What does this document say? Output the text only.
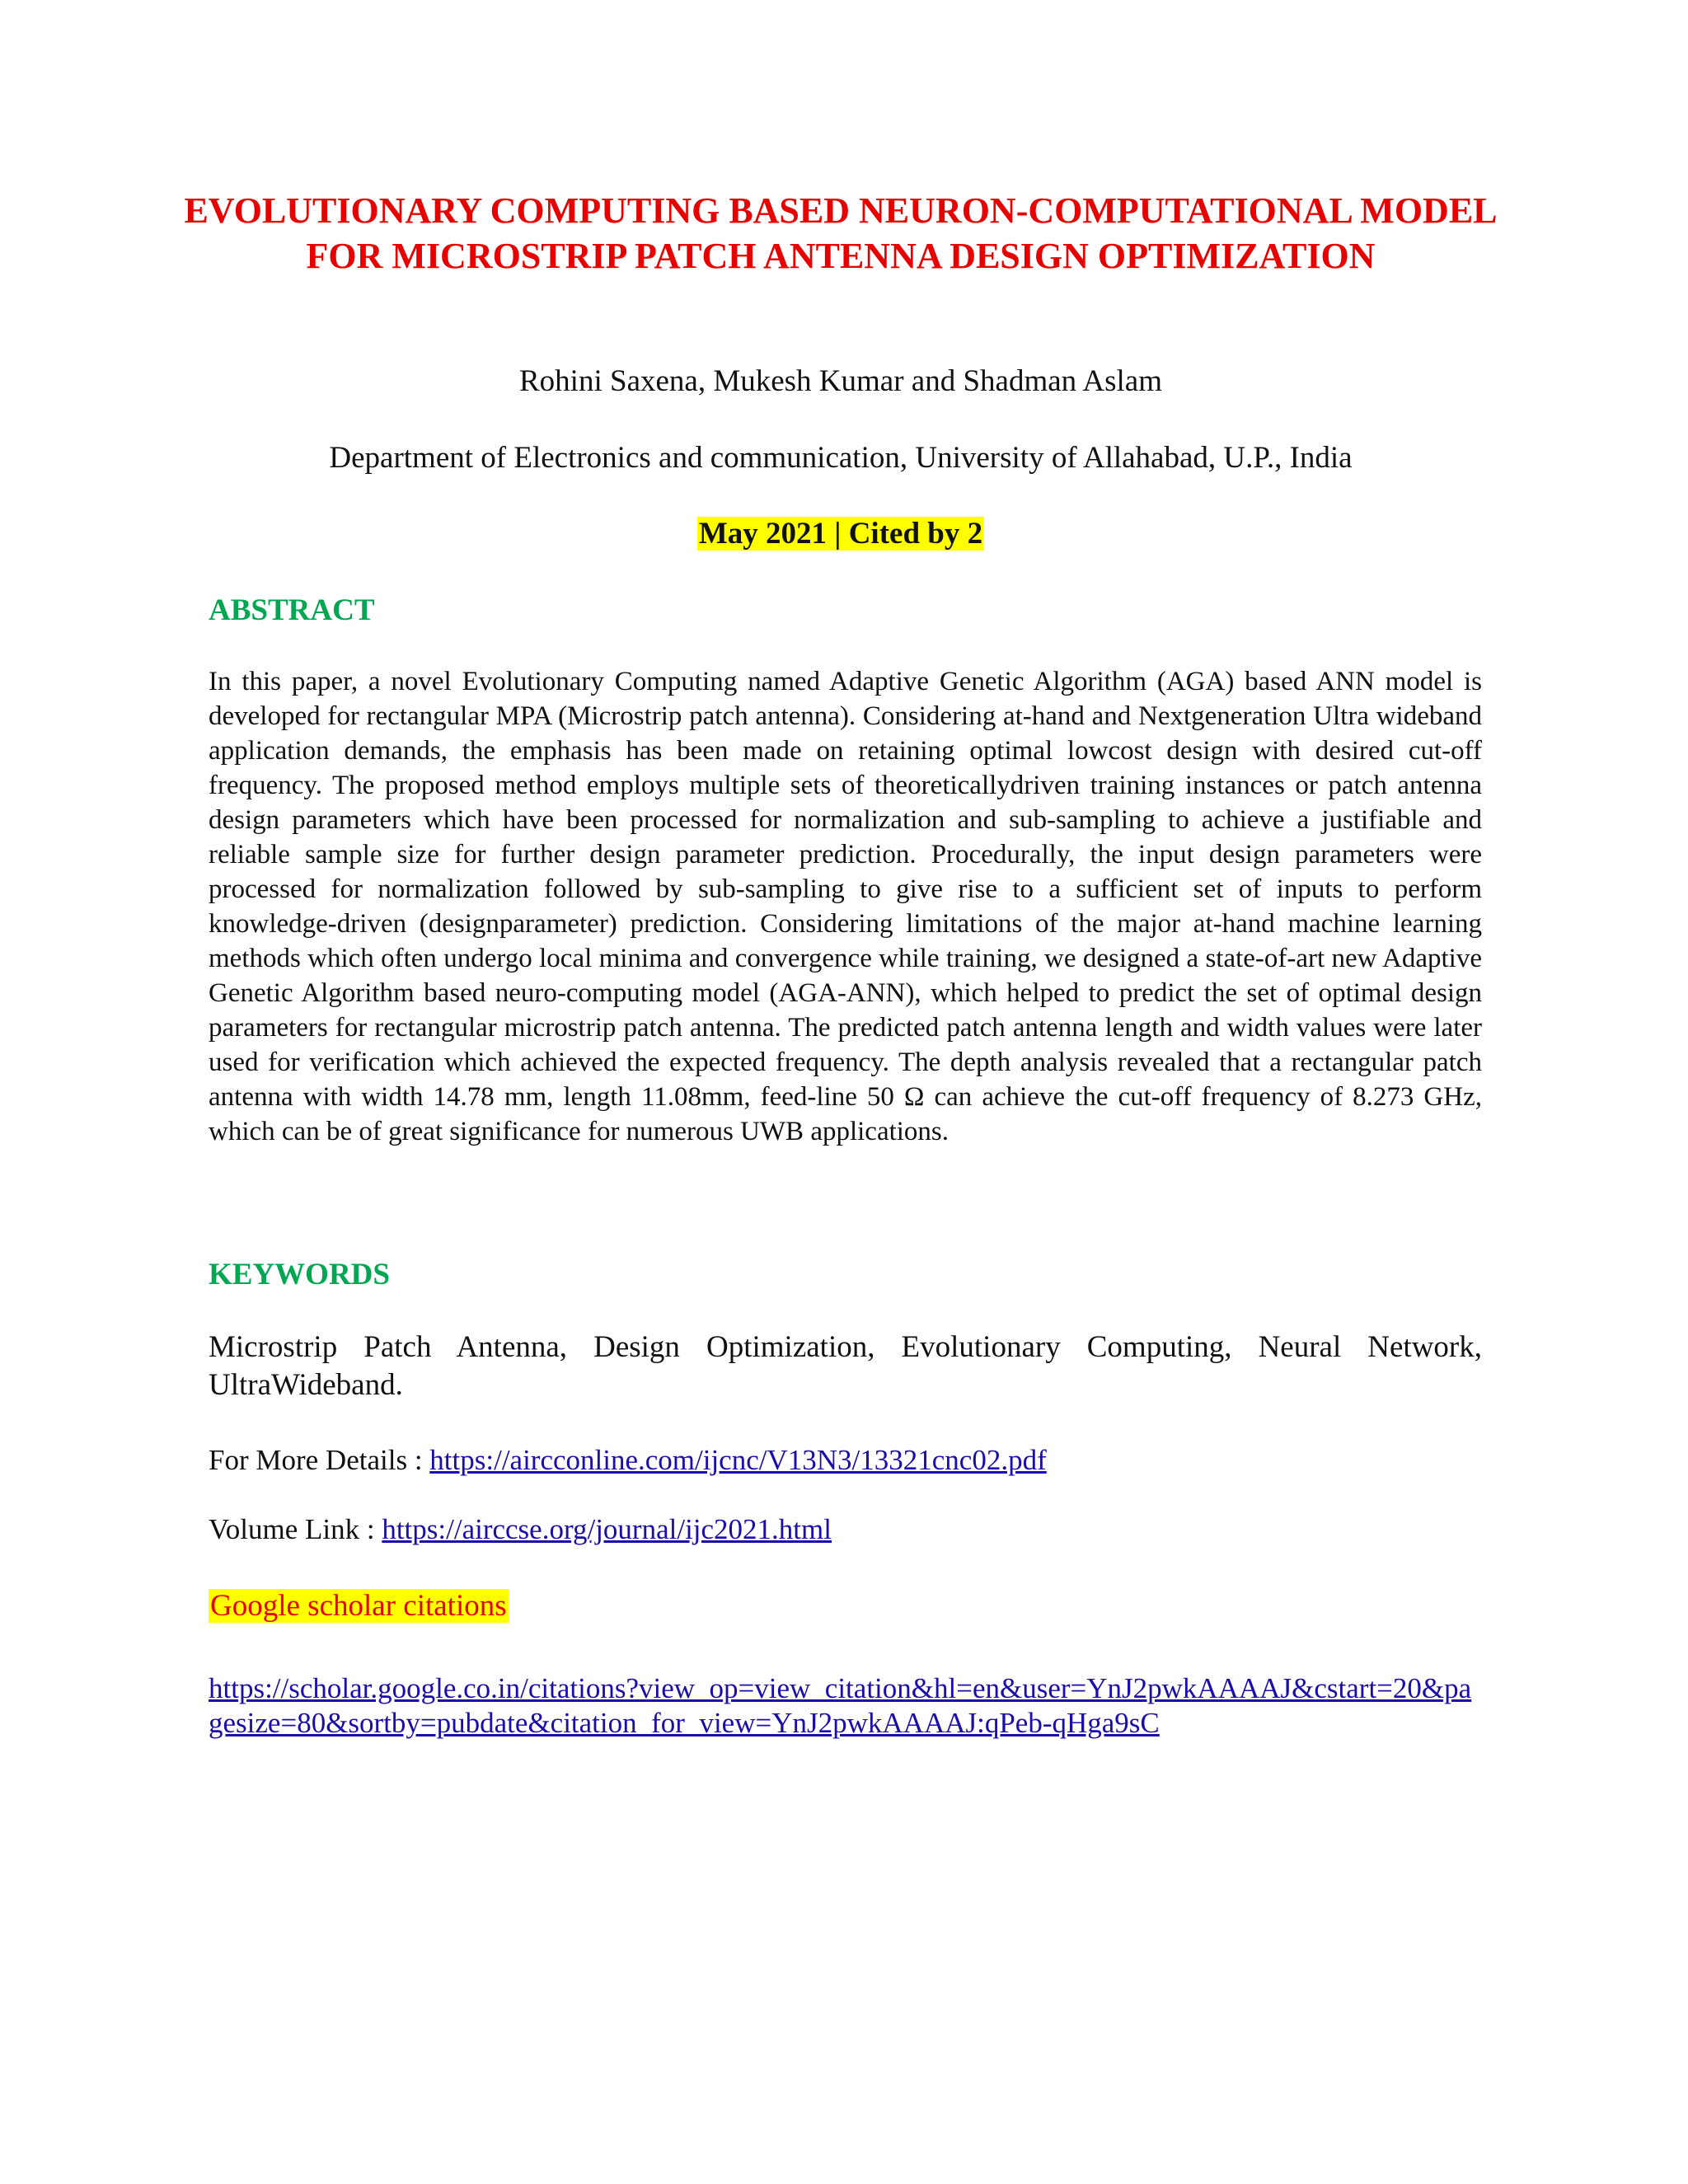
EVOLUTIONARY COMPUTING BASED NEURON-COMPUTATIONAL MODEL FOR MICROSTRIP PATCH ANTENNA DESIGN OPTIMIZATION

Rohini Saxena, Mukesh Kumar and Shadman Aslam

Department of Electronics and communication, University of Allahabad, U.P., India

May 2021 | Cited by 2

ABSTRACT

In this paper, a novel Evolutionary Computing named Adaptive Genetic Algorithm (AGA) based ANN model is developed for rectangular MPA (Microstrip patch antenna). Considering at-hand and Nextgeneration Ultra wideband application demands, the emphasis has been made on retaining optimal lowcost design with desired cut-off frequency. The proposed method employs multiple sets of theoreticallydriven training instances or patch antenna design parameters which have been processed for normalization and sub-sampling to achieve a justifiable and reliable sample size for further design parameter prediction. Procedurally, the input design parameters were processed for normalization followed by sub-sampling to give rise to a sufficient set of inputs to perform knowledge-driven (designparameter) prediction. Considering limitations of the major at-hand machine learning methods which often undergo local minima and convergence while training, we designed a state-of-art new Adaptive Genetic Algorithm based neuro-computing model (AGA-ANN), which helped to predict the set of optimal design parameters for rectangular microstrip patch antenna. The predicted patch antenna length and width values were later used for verification which achieved the expected frequency. The depth analysis revealed that a rectangular patch antenna with width 14.78 mm, length 11.08mm, feed-line 50 Ω can achieve the cut-off frequency of 8.273 GHz, which can be of great significance for numerous UWB applications.

KEYWORDS

Microstrip Patch Antenna, Design Optimization, Evolutionary Computing, Neural Network, UltraWideband.

For More Details : https://aircconline.com/ijcnc/V13N3/13321cnc02.pdf

Volume Link : https://airccse.org/journal/ijc2021.html

Google scholar citations

https://scholar.google.co.in/citations?view_op=view_citation&hl=en&user=YnJ2pwkAAAAJ&cstart=20&pagesize=80&sortby=pubdate&citation_for_view=YnJ2pwkAAAAJ:qPeb-qHga9sC
